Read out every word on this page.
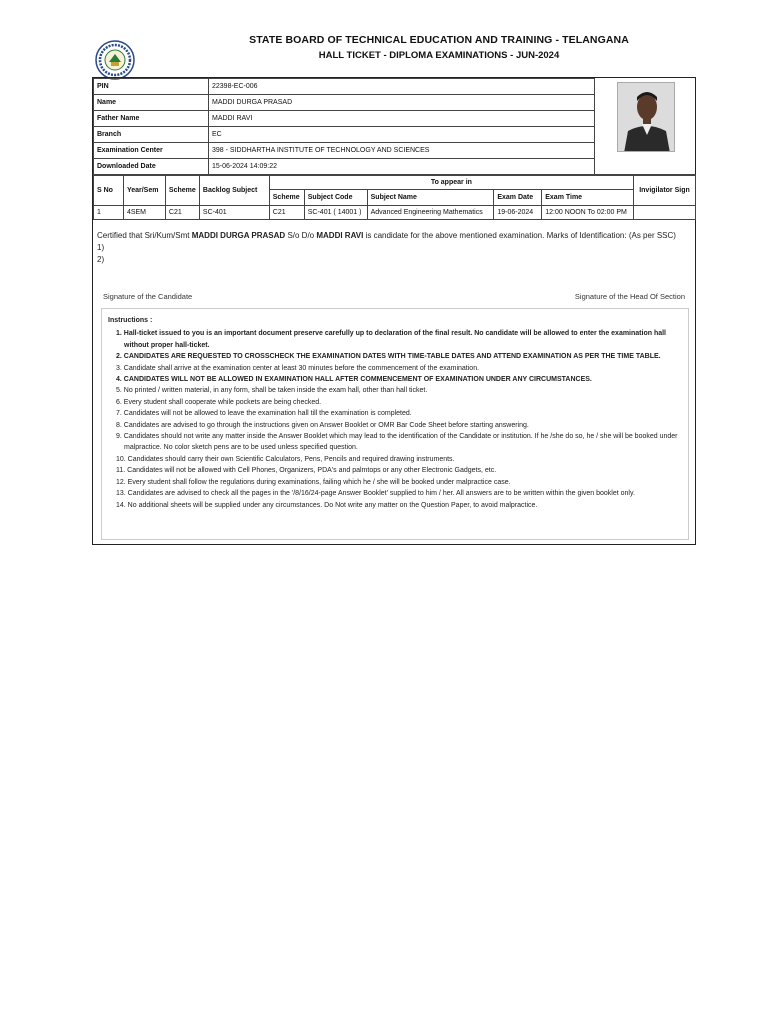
STATE BOARD OF TECHNICAL EDUCATION AND TRAINING - TELANGANA
HALL TICKET - DIPLOMA EXAMINATIONS - JUN-2024
PIN	22398-EC-006
Name	MADDI DURGA PRASAD
Father Name	MADDI RAVI
Branch	EC
Examination Center	398 - SIDDHARTHA INSTITUTE OF TECHNOLOGY AND SCIENCES
Downloaded Date	15-06-2024 14:09:22
S No	Year/Sem	Scheme	Backlog Subject	To appear in					Invigilator Sign
				Scheme	Subject Code	Subject Name	Exam Date	Exam Time	
1	4SEM	C21	SC-401	C21	SC-401 ( 14001 )	Advanced Engineering Mathematics	19-06-2024	12:00 NOON To 02:00 PM	
Certified that Sri/Kum/Smt MADDI DURGA PRASAD S/o D/o MADDI RAVI is candidate for the above mentioned examination. Marks of Identification: (As per SSC)
1)
2)
Signature of the Candidate	Signature of the Head Of Section
Instructions :
1. Hall-ticket issued to you is an important document preserve carefully up to declaration of the final result. No candidate will be allowed to enter the examination hall without proper hall-ticket.
2. CANDIDATES ARE REQUESTED TO CROSSCHECK THE EXAMINATION DATES WITH TIME-TABLE DATES AND ATTEND EXAMINATION AS PER THE TIME TABLE.
3. Candidate shall arrive at the examination center at least 30 minutes before the commencement of the examination.
4. CANDIDATES WILL NOT BE ALLOWED IN EXAMINATION HALL AFTER COMMENCEMENT OF EXAMINATION UNDER ANY CIRCUMSTANCES.
5. No printed / written material, in any form, shall be taken inside the exam hall, other than hall ticket.
6. Every student shall cooperate while pockets are being checked.
7. Candidates will not be allowed to leave the examination hall till the examination is completed.
8. Candidates are advised to go through the instructions given on Answer Booklet or OMR Bar Code Sheet before starting answering.
9. Candidates should not write any matter inside the Answer Booklet which may lead to the identification of the Candidate or institution. If he /she do so, he / she will be booked under malpractice. No color sketch pens are to be used unless specified question.
10. Candidates should carry their own Scientific Calculators, Pens, Pencils and required drawing instruments.
11. Candidates will not be allowed with Cell Phones, Organizers, PDA's and palmtops or any other Electronic Gadgets, etc.
12. Every student shall follow the regulations during examinations, failing which he / she will be booked under malpractice case.
13. Candidates are advised to check all the pages in the '/8/16/24-page Answer Booklet' supplied to him / her. All answers are to be written within the given booklet only.
14. No additional sheets will be supplied under any circumstances. Do Not write any matter on the Question Paper, to avoid malpractice.
